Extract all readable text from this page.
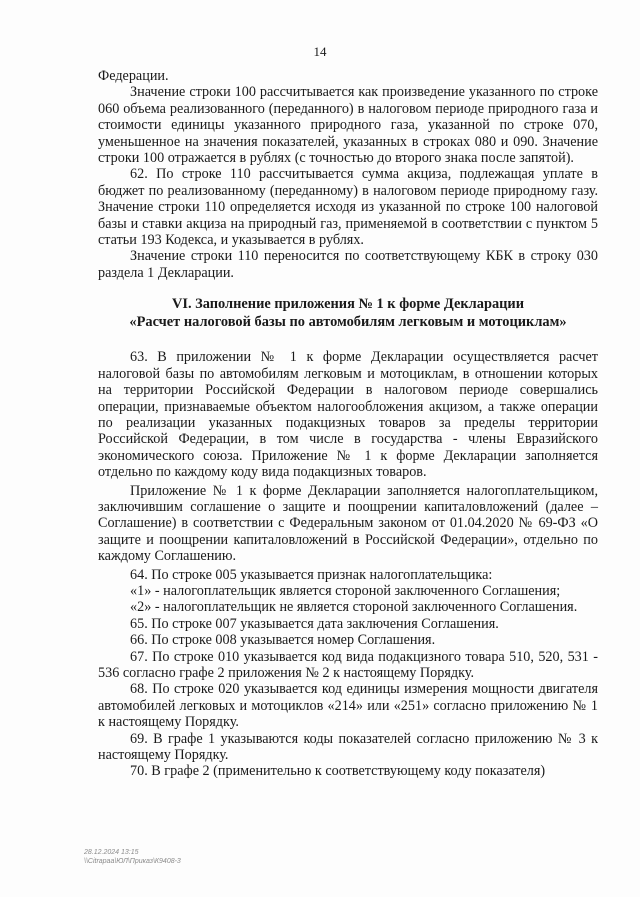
14

Федерации.

Значение строки 100 рассчитывается как произведение указанного по строке 060 объема реализованного (переданного) в налоговом периоде природного газа и стоимости единицы указанного природного газа, указанной по строке 070, уменьшенное на значения показателей, указанных в строках 080 и 090. Значение строки 100 отражается в рублях (с точностью до второго знака после запятой).

62. По строке 110 рассчитывается сумма акциза, подлежащая уплате в бюджет по реализованному (переданному) в налоговом периоде природному газу. Значение строки 110 определяется исходя из указанной по строке 100 налоговой базы и ставки акциза на природный газ, применяемой в соответствии с пунктом 5 статьи 193 Кодекса, и указывается в рублях.

Значение строки 110 переносится по соответствующему КБК в строку 030 раздела 1 Декларации.

VI. Заполнение приложения № 1 к форме Декларации
«Расчет налоговой базы по автомобилям легковым и мотоциклам»

63. В приложении № 1 к форме Декларации осуществляется расчет налоговой базы по автомобилям легковым и мотоциклам, в отношении которых на территории Российской Федерации в налоговом периоде совершались операции, признаваемые объектом налогообложения акцизом, а также операции по реализации указанных подакцизных товаров за пределы территории Российской Федерации, в том числе в государства - члены Евразийского экономического союза. Приложение № 1 к форме Декларации заполняется отдельно по каждому коду вида подакцизных товаров.

Приложение № 1 к форме Декларации заполняется налогоплательщиком, заключившим соглашение о защите и поощрении капиталовложений (далее – Соглашение) в соответствии с Федеральным законом от 01.04.2020 № 69-ФЗ «О защите и поощрении капиталовложений в Российской Федерации», отдельно по каждому Соглашению.

64. По строке 005 указывается признак налогоплательщика:

«1» - налогоплательщик является стороной заключенного Соглашения;

«2» - налогоплательщик не является стороной заключенного Соглашения.

65. По строке 007 указывается дата заключения Соглашения.

66. По строке 008 указывается номер Соглашения.

67. По строке 010 указывается код вида подакцизного товара 510, 520, 531 - 536 согласно графе 2 приложения № 2 к настоящему Порядку.

68. По строке 020 указывается код единицы измерения мощности двигателя автомобилей легковых и мотоциклов «214» или «251» согласно приложению № 1 к настоящему Порядку.

69. В графе 1 указываются коды показателей согласно приложению № 3 к настоящему Порядку.

70. В графе 2 (применительно к соответствующему коду показателя)

28.12.2024 13:15
\\Сitrapaa\ЮЛ\Приказ\К9408-3
